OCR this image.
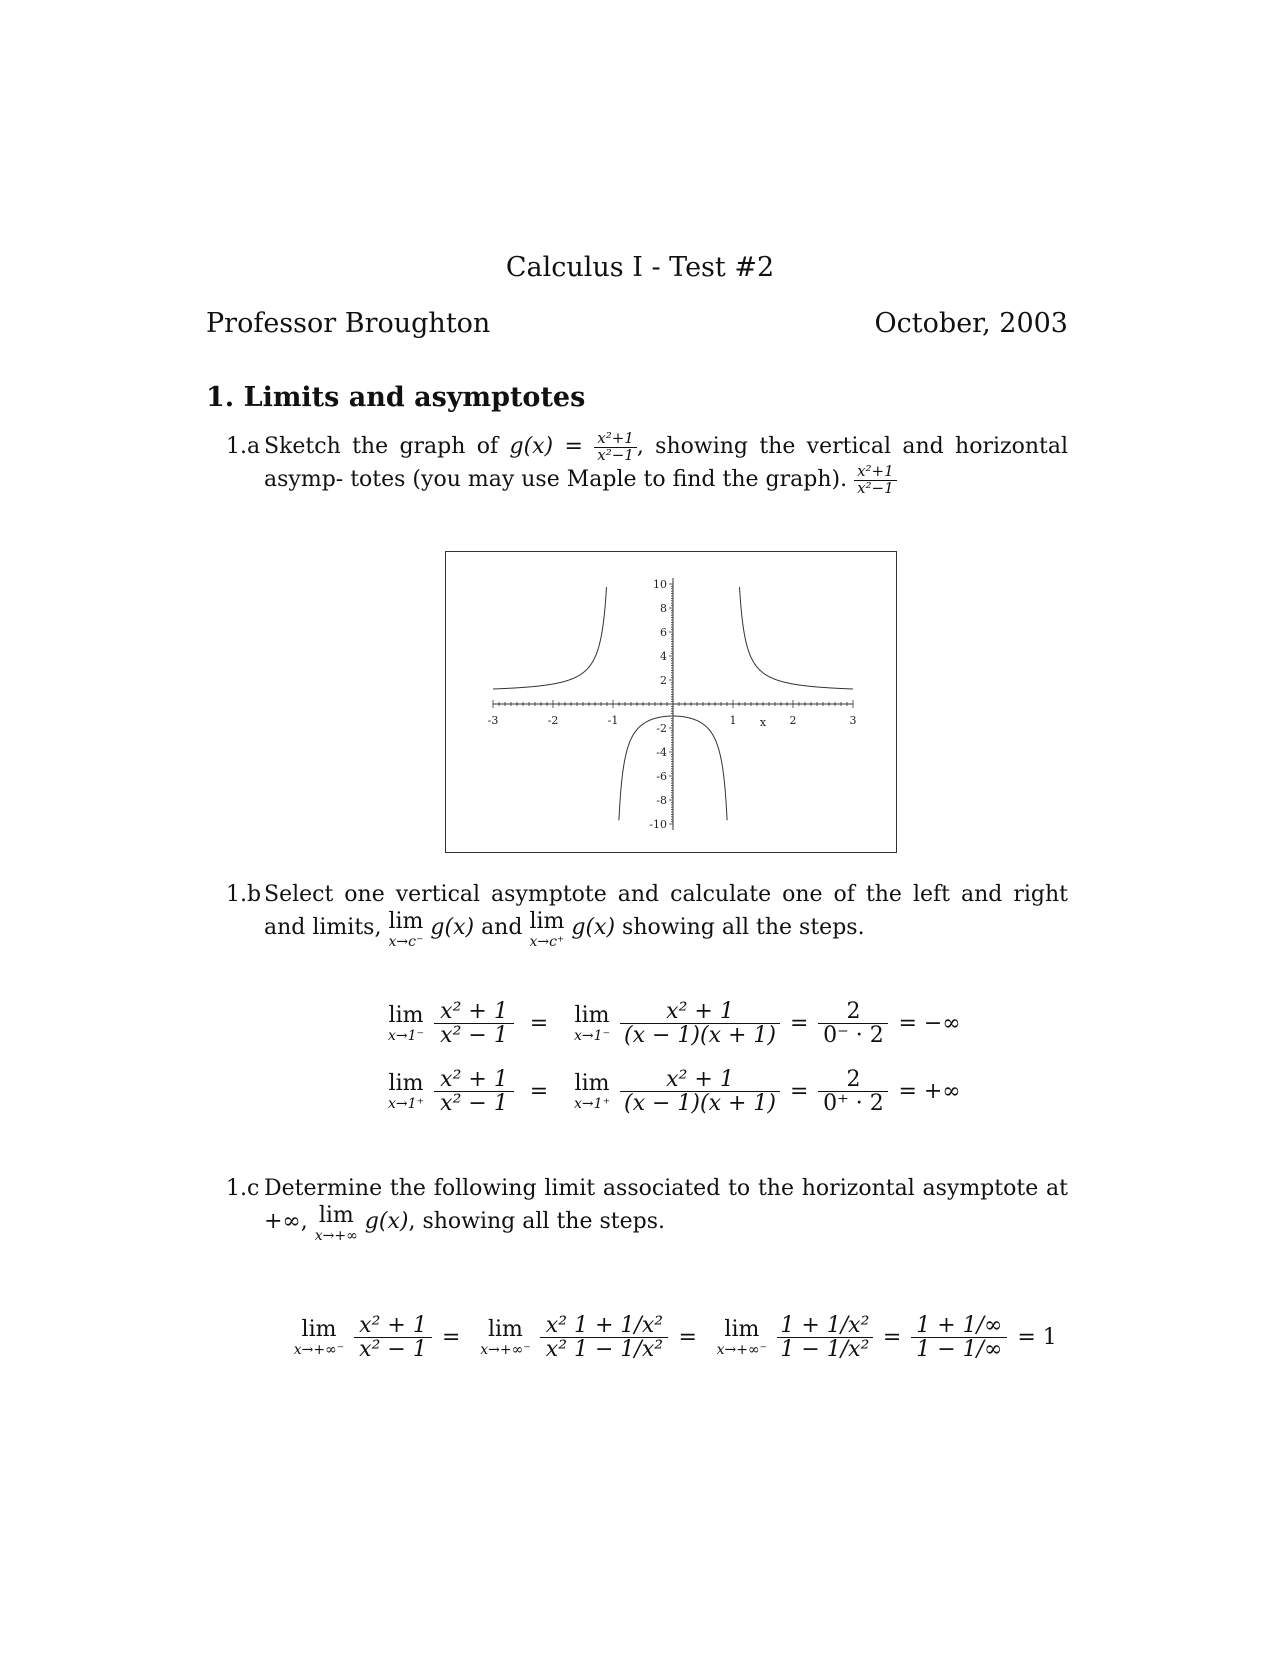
Calculus I - Test #2
Professor Broughton	October, 2003
1. Limits and asymptotes
1.a Sketch the graph of $g(x) = \frac{\text{x²+1}}{\text{x²−1}}$ , showing the vertical and horizontal asymp- totes (you may use Maple to find the graph). $\frac{\text{x²+1}}{\text{x²−1}}$
-3	-2	-1	1	2	3
10
8
6
4
2
-2
-4
-6
-8
-10
x
1.b Select one vertical asymptote and calculate one of the left and right and limits, lim
x→c⁻
g(x) and lim
x→c⁺
g(x) showing all the steps.
lim
$x\to 1^- \frac{\text{x² + 1}}{\text{x² − 1}}$ =	lim
$x\to 1^- \frac{\text{x² + 1}}{(x - 1)(x + 1)} = \frac{2}{0^- \cdot 2}$ = −∞
lim
$x\to 1^+ \frac{\text{x² + 1}}{\text{x² − 1}}$ =	lim
$x\to 1^+ \frac{\text{x² + 1}}{(x - 1)(x + 1)} = \frac{2}{0^+ \cdot 2}$ = +∞
1.c Determine the following limit associated to the horizontal asymptote at +∞, lim
x→+∞
g(x), showing all the steps.
lim
$x\to+\infty^- \frac{\text{x² + 1}}{\text{x² − 1}}$ =	lim
$x\to+\infty^- \frac{\text{x² 1 + 1/x²}}{\text{x² 1 − 1/x²}}$ =	lim
$x\to+\infty^- \frac{\text{1 + 1/x²}}{\text{1 − 1/x²}} = \frac{1 + 1/\infty}{1 - 1/\infty} = 1$
